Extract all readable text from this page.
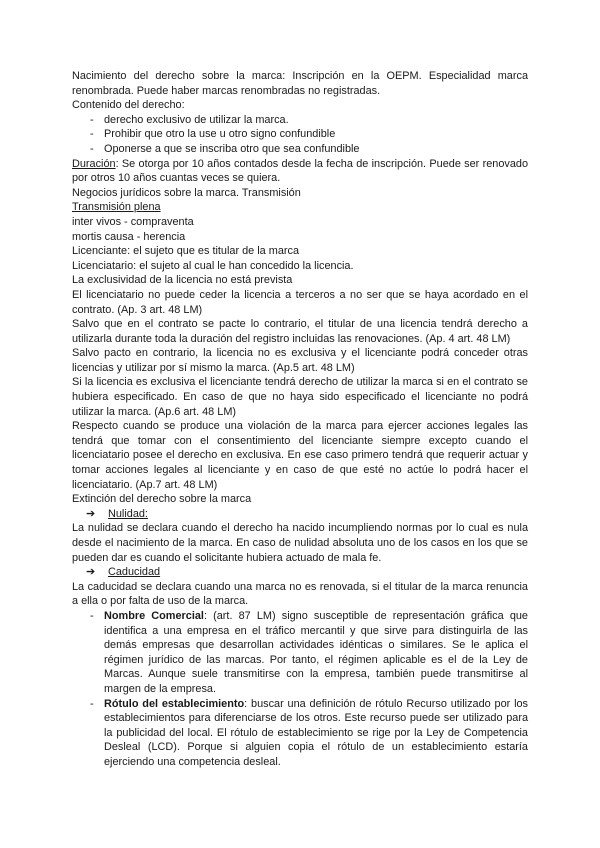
Nacimiento del derecho sobre la marca: Inscripción en la OEPM. Especialidad marca renombrada. Puede haber marcas renombradas no registradas.

Contenido del derecho:

- derecho exclusivo de utilizar la marca.
- Prohibir que otro la use u otro signo confundible
- Oponerse a que se inscriba otro que sea confundible

Duración: Se otorga por 10 años contados desde la fecha de inscripción. Puede ser renovado por otros 10 años cuantas veces se quiera.

Negocios jurídicos sobre la marca. Transmisión

Transmisión plena

inter vivos - compraventa

mortis causa - herencia

Licenciante: el sujeto que es titular de la marca

Licenciatario: el sujeto al cual le han concedido la licencia.

La exclusividad de la licencia no está prevista

El licenciatario no puede ceder la licencia a terceros a no ser que se haya acordado en el contrato. (Ap. 3 art. 48 LM)

Salvo que en el contrato se pacte lo contrario, el titular de una licencia tendrá derecho a utilizarla durante toda la duración del registro incluidas las renovaciones. (Ap. 4 art. 48 LM)

Salvo pacto en contrario, la licencia no es exclusiva y el licenciante podrá conceder otras licencias y utilizar por sí mismo la marca. (Ap.5 art. 48 LM)

Si la licencia es exclusiva el licenciante tendrá derecho de utilizar la marca si en el contrato se hubiera especificado. En caso de que no haya sido especificado el licenciante no podrá utilizar la marca. (Ap.6 art. 48 LM)

Respecto cuando se produce una violación de la marca para ejercer acciones legales las tendrá que tomar con el consentimiento del licenciante siempre excepto cuando el licenciatario posee el derecho en exclusiva. En ese caso primero tendrá que requerir actuar y tomar acciones legales al licenciante y en caso de que esté no actúe lo podrá hacer el licenciatario. (Ap.7 art. 48 LM)

Extinción del derecho sobre la marca

➔ Nulidad:

La nulidad se declara cuando el derecho ha nacido incumpliendo normas por lo cual es nula desde el nacimiento de la marca. En caso de nulidad absoluta uno de los casos en los que se pueden dar es cuando el solicitante hubiera actuado de mala fe.

➔ Caducidad

La caducidad se declara cuando una marca no es renovada, si el titular de la marca renuncia a ella o por falta de uso de la marca.

- Nombre Comercial: (art. 87 LM) signo susceptible de representación gráfica que identifica a una empresa en el tráfico mercantil y que sirve para distinguirla de las demás empresas que desarrollan actividades idénticas o similares. Se le aplica el régimen jurídico de las marcas. Por tanto, el régimen aplicable es el de la Ley de Marcas. Aunque suele transmitirse con la empresa, también puede transmitirse al margen de la empresa.
- Rótulo del establecimiento: buscar una definición de rótulo Recurso utilizado por los establecimientos para diferenciarse de los otros. Este recurso puede ser utilizado para la publicidad del local. El rótulo de establecimiento se rige por la Ley de Competencia Desleal (LCD). Porque si alguien copia el rótulo de un establecimiento estaría ejerciendo una competencia desleal.
